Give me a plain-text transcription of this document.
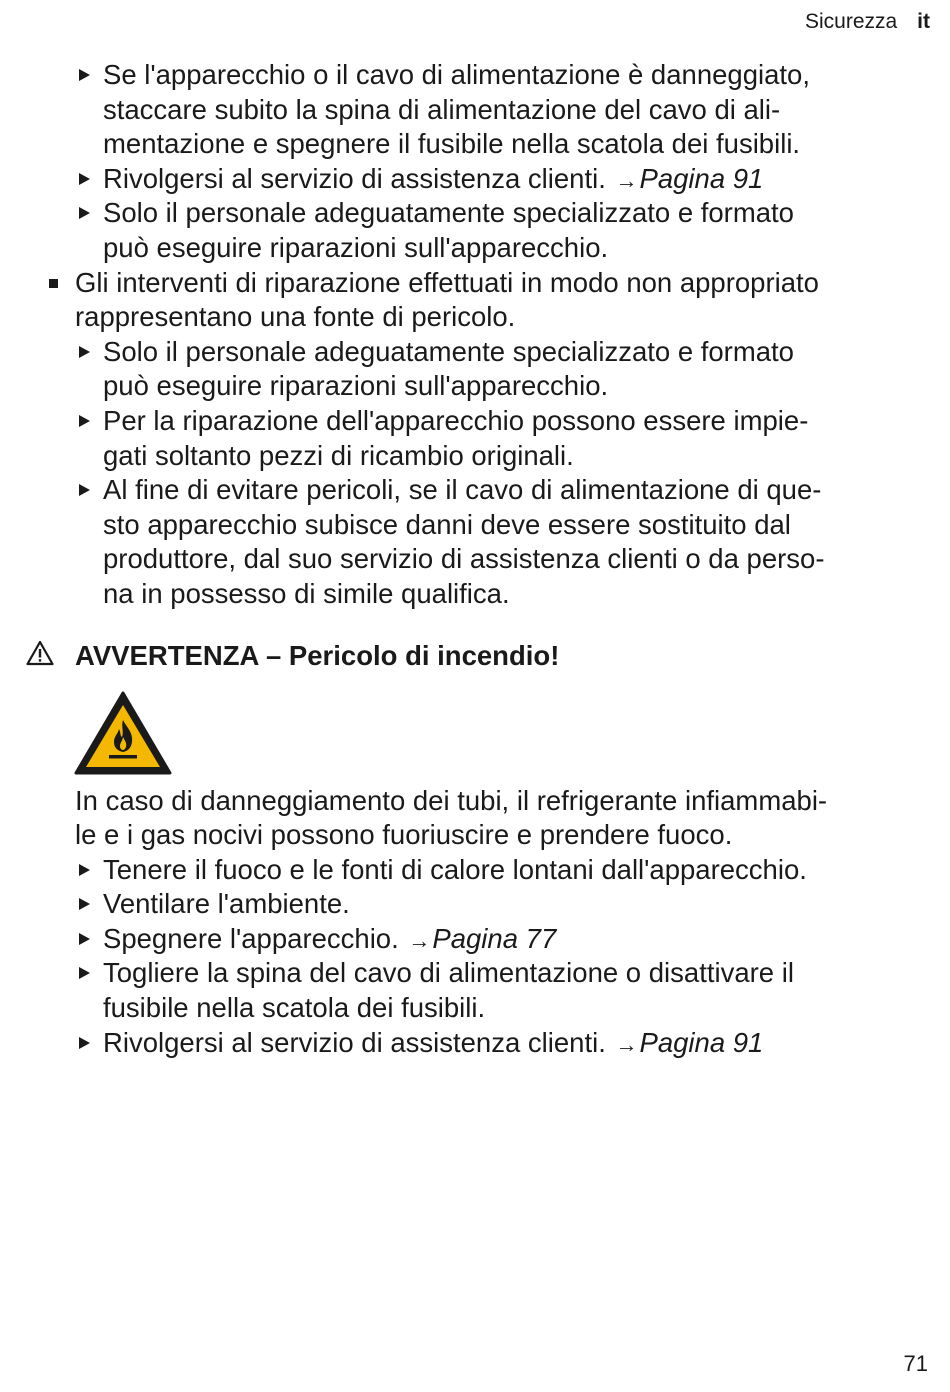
Sicurezza it
Se l'apparecchio o il cavo di alimentazione è danneggiato,
staccare subito la spina di alimentazione del cavo di ali-
mentazione e spegnere il fusibile nella scatola dei fusibili.
Rivolgersi al servizio di assistenza clienti. →Pagina 91
Solo il personale adeguatamente specializzato e formato
può eseguire riparazioni sull'apparecchio.
Gli interventi di riparazione effettuati in modo non appropriato
rappresentano una fonte di pericolo.
Solo il personale adeguatamente specializzato e formato
può eseguire riparazioni sull'apparecchio.
Per la riparazione dell'apparecchio possono essere impie-
gati soltanto pezzi di ricambio originali.
Al fine di evitare pericoli, se il cavo di alimentazione di que-
sto apparecchio subisce danni deve essere sostituito dal
produttore, dal suo servizio di assistenza clienti o da perso-
na in possesso di simile qualifica.
AVVERTENZA – Pericolo di incendio!
In caso di danneggiamento dei tubi, il refrigerante infiammabi-
le e i gas nocivi possono fuoriuscire e prendere fuoco.
Tenere il fuoco e le fonti di calore lontani dall'apparecchio.
Ventilare l'ambiente.
Spegnere l'apparecchio. →Pagina 77
Togliere la spina del cavo di alimentazione o disattivare il
fusibile nella scatola dei fusibili.
Rivolgersi al servizio di assistenza clienti. →Pagina 91
71
